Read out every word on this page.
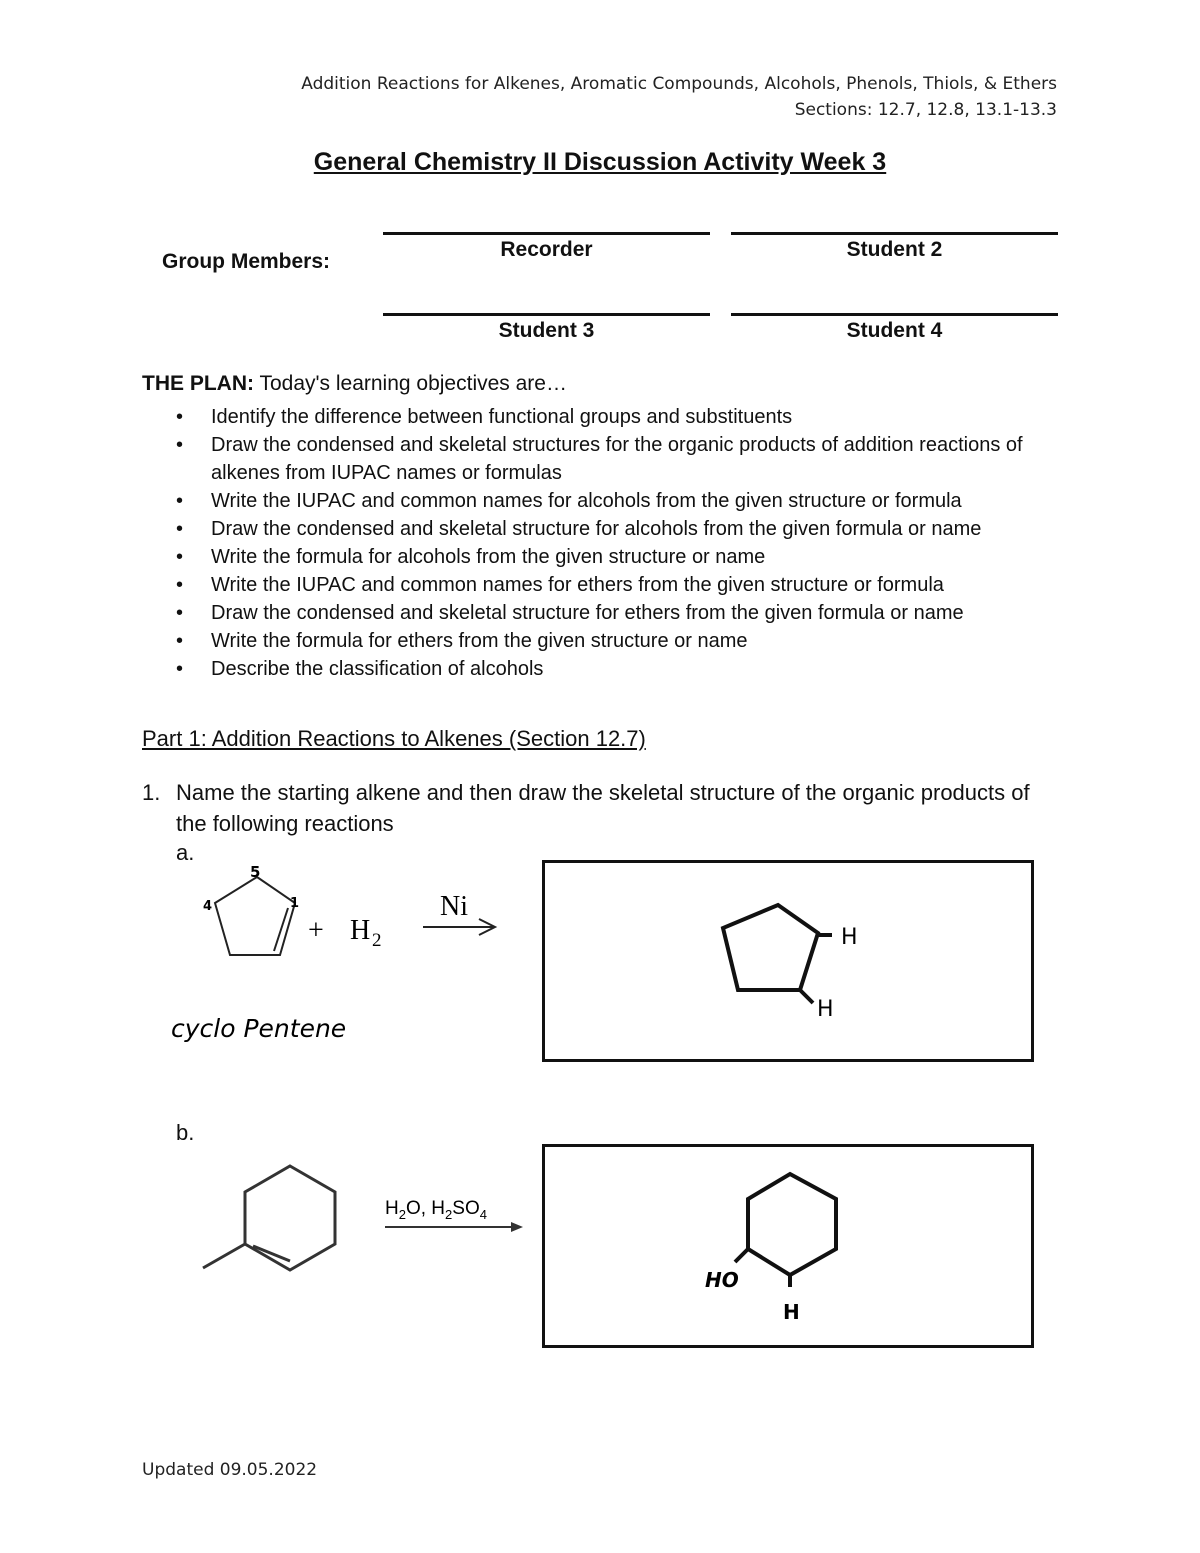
Addition Reactions for Alkenes, Aromatic Compounds, Alcohols, Phenols, Thiols, & Ethers
Sections: 12.7, 12.8, 13.1-13.3
General Chemistry II Discussion Activity Week 3
Group Members:
Recorder	Student 2
Student 3	Student 4
THE PLAN: Today's learning objectives are…
• Identify the difference between functional groups and substituents
• Draw the condensed and skeletal structures for the organic products of addition reactions of alkenes from IUPAC names or formulas
• Write the IUPAC and common names for alcohols from the given structure or formula
• Draw the condensed and skeletal structure for alcohols from the given formula or name
• Write the formula for alcohols from the given structure or name
• Write the IUPAC and common names for ethers from the given structure or formula
• Draw the condensed and skeletal structure for ethers from the given formula or name
• Write the formula for ethers from the given structure or name
• Describe the classification of alcohols
Part 1: Addition Reactions to Alkenes (Section 12.7)
1. Name the starting alkene and then draw the skeletal structure of the organic products of the following reactions
a.
5
1
4
+ H 2
Ni
cyclo Pentene
H
H
b.
$H_2O$, $H_2SO_4$
HO
H
Updated 09.05.2022
